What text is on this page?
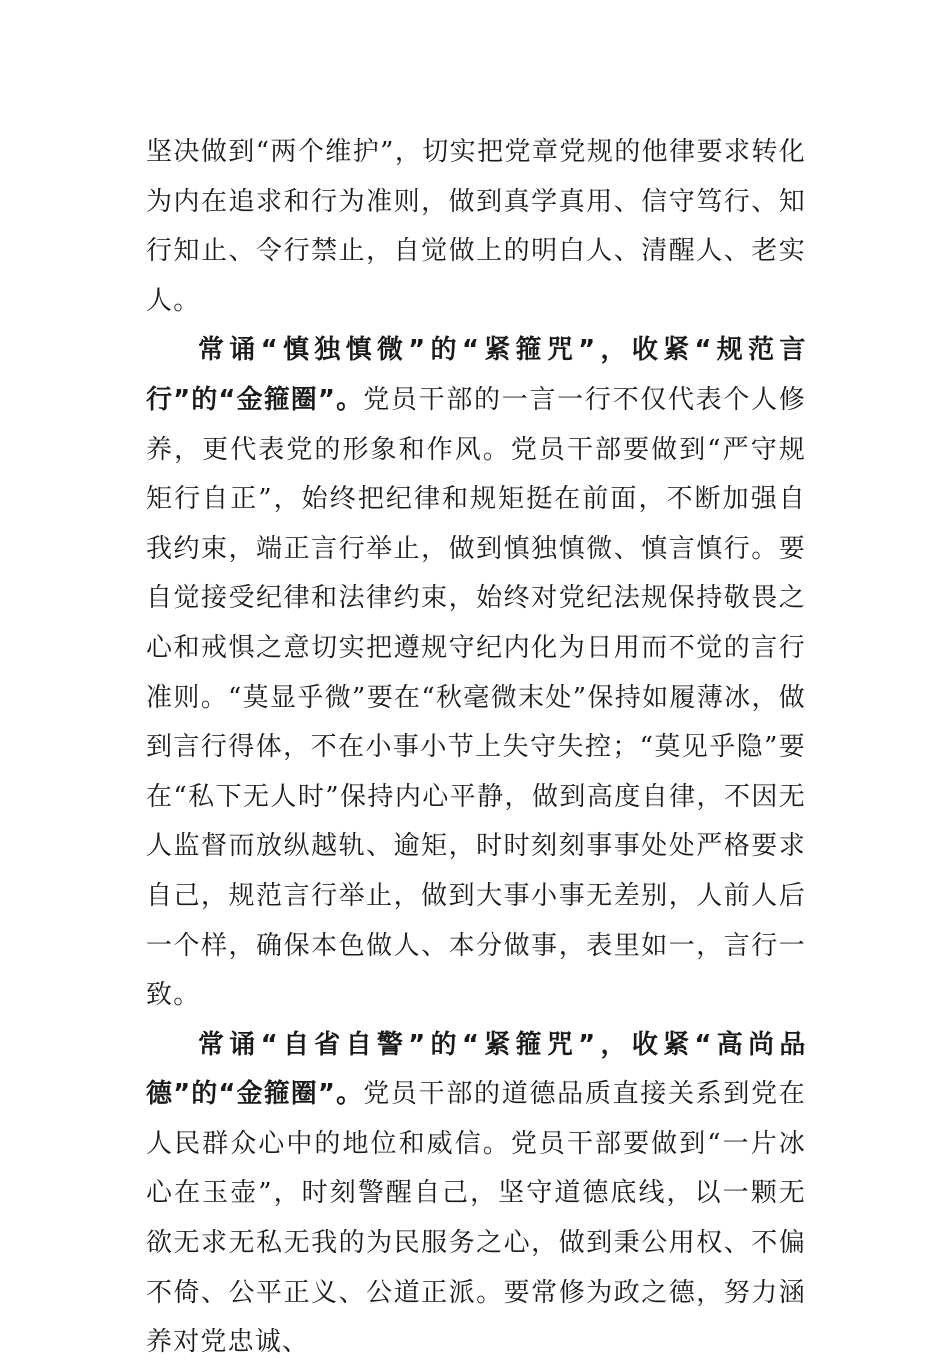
坚决做到“两个维护”，切实把党章党规的他律要求转化为内在追求和行为准则，做到真学真用、信守笃行、知行知止、令行禁止，自觉做上的明白人、清醒人、老实人。

常诵“慎独慎微”的“紧箍咒”，收紧“规范言行”的“金箍圈”。党员干部的一言一行不仅代表个人修养，更代表党的形象和作风。党员干部要做到“严守规矩行自正”，始终把纪律和规矩挺在前面，不断加强自我约束，端正言行举止，做到慎独慎微、慎言慎行。要自觉接受纪律和法律约束，始终对党纪法规保持敬畏之心和戒惧之意切实把遵规守纪内化为日用而不觉的言行准则。“莫显乎微”要在“秋毫微末处”保持如履薄冰，做到言行得体，不在小事小节上失守失控；“莫见乎隐”要在“私下无人时”保持内心平静，做到高度自律，不因无人监督而放纵越轨、逾矩，时时刻刻事事处处严格要求自己，规范言行举止，做到大事小事无差别，人前人后一个样，确保本色做人、本分做事，表里如一，言行一致。

常诵“自省自警”的“紧箍咒”，收紧“高尚品德”的“金箍圈”。党员干部的道德品质直接关系到党在人民群众心中的地位和威信。党员干部要做到“一片冰心在玉壶”，时刻警醒自己，坚守道德底线，以一颗无欲无求无私无我的为民服务之心，做到秉公用权、不偏不倚、公平正义、公道正派。要常修为政之德，努力涵养对党忠诚、
